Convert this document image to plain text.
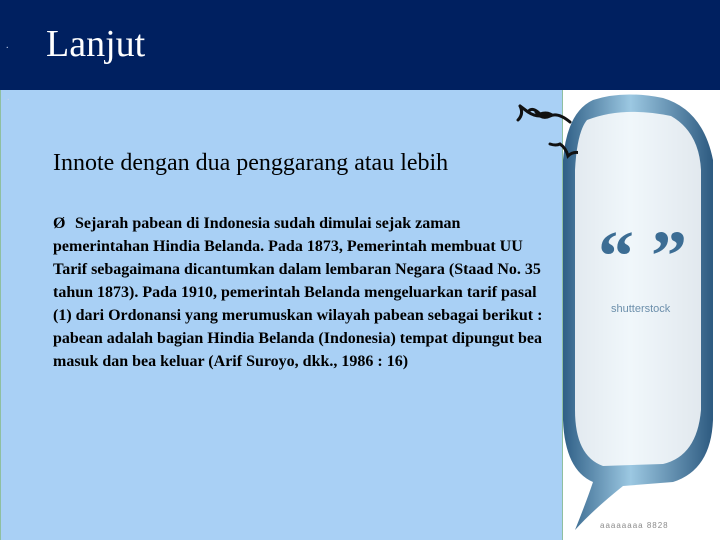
. Lanjut
.
Innote dengan dua penggarang atau lebih
Ø Sejarah pabean di Indonesia sudah dimulai sejak zaman pemerintahan Hindia Belanda. Pada 1873, Pemerintah membuat UU Tarif sebagaimana dicantumkan dalam lembaran Negara (Staad No. 35 tahun 1873). Pada 1910, pemerintah Belanda mengeluarkan tarif pasal (1) dari Ordonansi yang merumuskan wilayah pabean sebagai berikut : pabean adalah bagian Hindia Belanda (Indonesia) tempat dipungut bea masuk dan bea keluar (Arif Suroyo, dkk., 1986 : 16)
“ ”
shutterstock
aaaaaaaa 8828
